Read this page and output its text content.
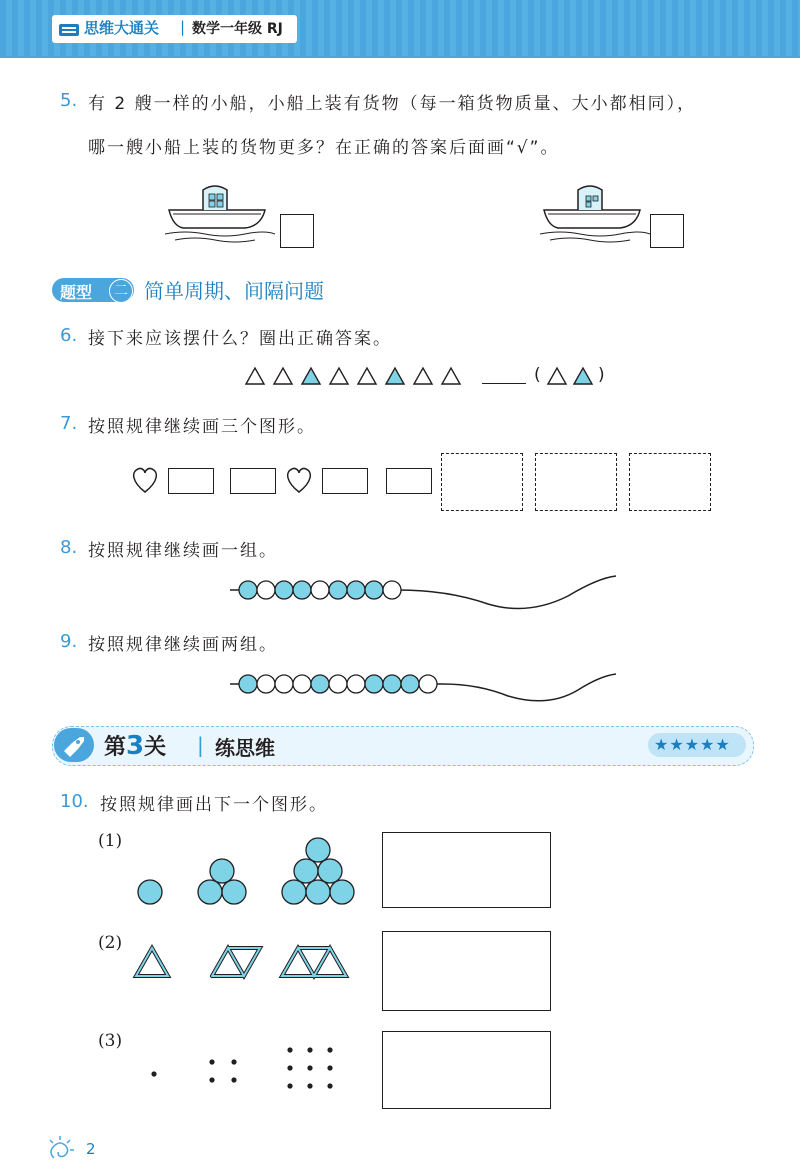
思维大通关 | 数学一年级 RJ
5. 有 2 艘一样的小船，小船上装有货物（每一箱货物质量、大小都相同），
哪一艘小船上装的货物更多？在正确的答案后面画“√”。
题型	二 简单周期、间隔问题
6. 接下来应该摆什么？圈出正确答案。
(	)
7. 按照规律继续画三个图形。
8. 按照规律继续画一组。
9. 按照规律继续画两组。
第3关 | 练思维	★★★★★
10. 按照规律画出下一个图形。
(1)
(2)
(3)
2
